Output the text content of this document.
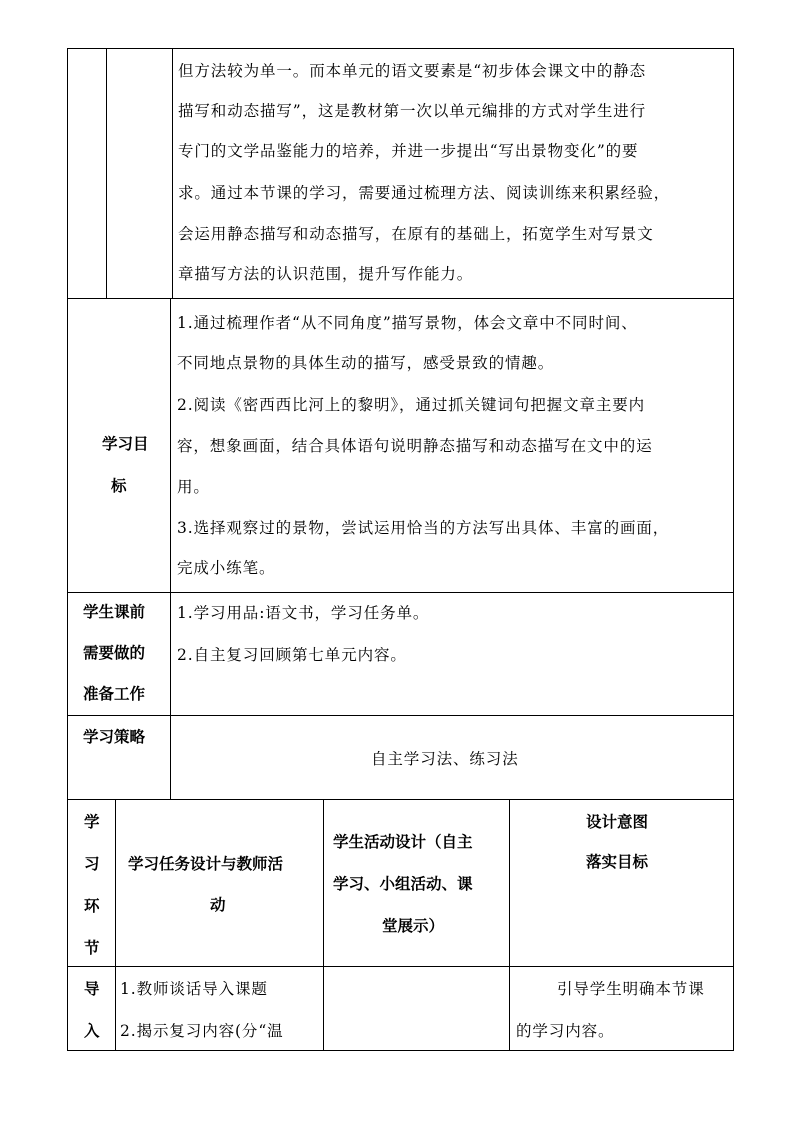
但方法较为单一。而本单元的语文要素是“初步体会课文中的静态
描写和动态描写”，这是教材第一次以单元编排的方式对学生进行
专门的文学品鉴能力的培养，并进一步提出“写出景物变化”的要
求。通过本节课的学习，需要通过梳理方法、阅读训练来积累经验，
会运用静态描写和动态描写，在原有的基础上，拓宽学生对写景文
章描写方法的认识范围，提升写作能力。
学习目
标
1.通过梳理作者“从不同角度”描写景物，体会文章中不同时间、
不同地点景物的具体生动的描写，感受景致的情趣。
2.阅读《密西西比河上的黎明》，通过抓关键词句把握文章主要内
容，想象画面，结合具体语句说明静态描写和动态描写在文中的运
用。
3.选择观察过的景物，尝试运用恰当的方法写出具体、丰富的画面，
完成小练笔。
学生课前
需要做的
准备工作
1.学习用品:语文书，学习任务单。
2.自主复习回顾第七单元内容。
学习策略
自主学习法、练习法
学
习
环
节
学习任务设计与教师活
动
学生活动设计（自主
学习、小组活动、课
堂展示）
设计意图
落实目标
导
入
1.教师谈话导入课题
2.揭示复习内容(分“温
引导学生明确本节课
的学习内容。
